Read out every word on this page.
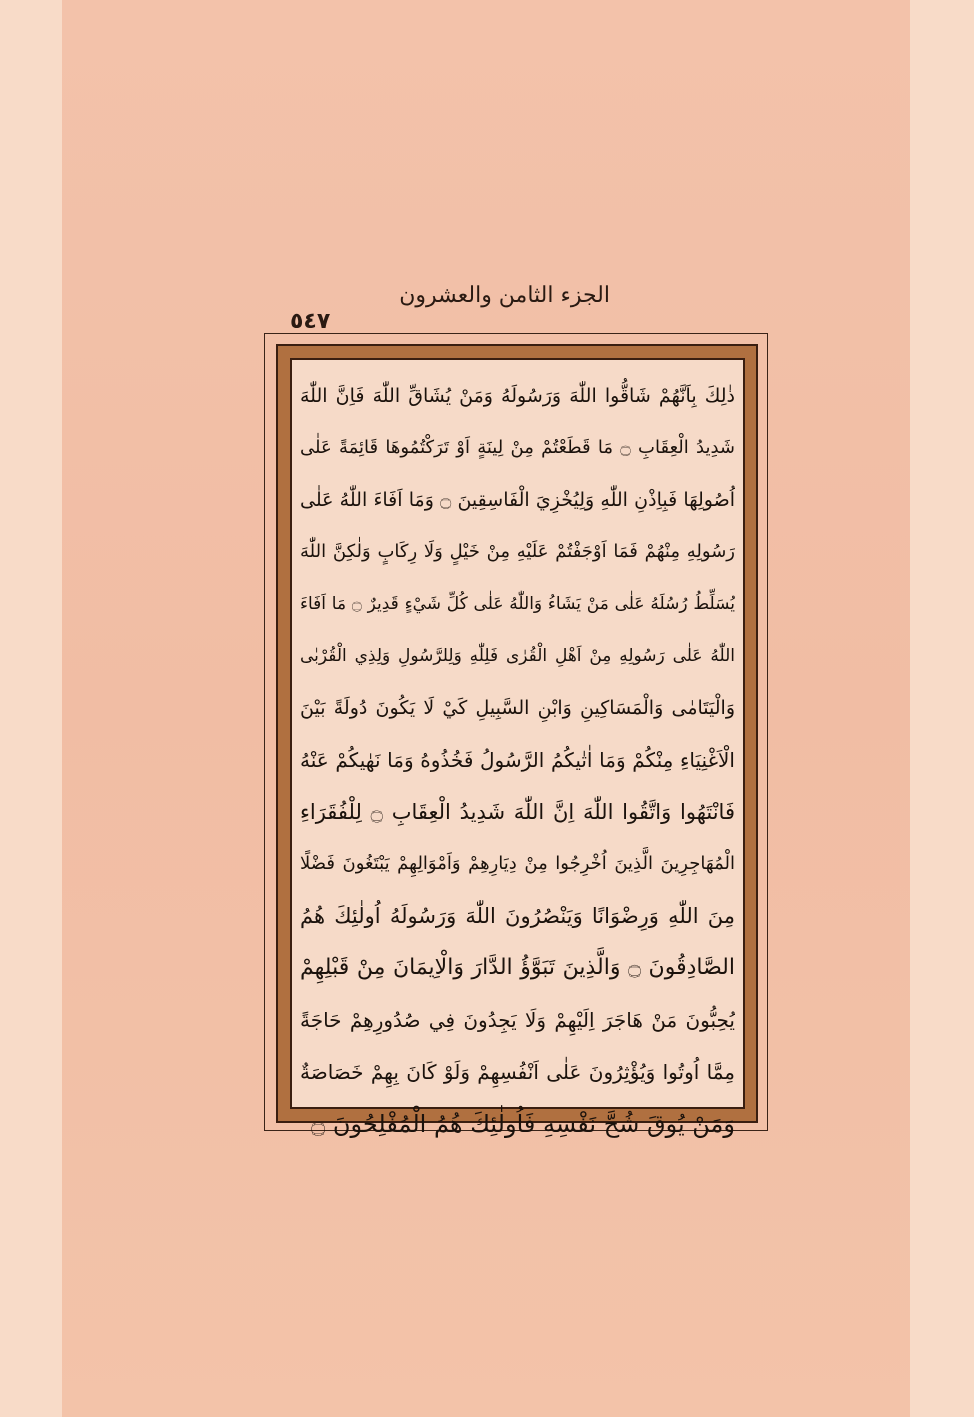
الجزء الثامن والعشرون
٥٤٧
ذٰلِكَ بِاَنَّهُمْ شَاقُّوا اللّٰهَ وَرَسُولَهُ وَمَنْ يُشَاقِّ اللّٰهَ فَاِنَّ اللّٰهَ
شَدِيدُ الْعِقَابِ ۝ مَا قَطَعْتُمْ مِنْ لِينَةٍ اَوْ تَرَكْتُمُوهَا قَائِمَةً عَلٰى
اُصُولِهَا فَبِاِذْنِ اللّٰهِ وَلِيُخْزِيَ الْفَاسِقِينَ ۝ وَمَا اَفَاءَ اللّٰهُ عَلٰى
رَسُولِهِ مِنْهُمْ فَمَا اَوْجَفْتُمْ عَلَيْهِ مِنْ خَيْلٍ وَلَا رِكَابٍ وَلٰكِنَّ اللّٰهَ
يُسَلِّطُ رُسُلَهُ عَلٰى مَنْ يَشَاءُ وَاللّٰهُ عَلٰى كُلِّ شَيْءٍ قَدِيرٌ ۝ مَا اَفَاءَ
اللّٰهُ عَلٰى رَسُولِهِ مِنْ اَهْلِ الْقُرٰى فَلِلّٰهِ وَلِلرَّسُولِ وَلِذِي الْقُرْبٰى
وَالْيَتَامٰى وَالْمَسَاكِينِ وَابْنِ السَّبِيلِ كَيْ لَا يَكُونَ دُولَةً بَيْنَ
الْاَغْنِيَاءِ مِنْكُمْ وَمَا اٰتٰيكُمُ الرَّسُولُ فَخُذُوهُ وَمَا نَهٰيكُمْ عَنْهُ
فَانْتَهُوا وَاتَّقُوا اللّٰهَ اِنَّ اللّٰهَ شَدِيدُ الْعِقَابِ ۝ لِلْفُقَرَاءِ
الْمُهَاجِرِينَ الَّذِينَ اُخْرِجُوا مِنْ دِيَارِهِمْ وَاَمْوَالِهِمْ يَبْتَغُونَ فَضْلًا
مِنَ اللّٰهِ وَرِضْوَانًا وَيَنْصُرُونَ اللّٰهَ وَرَسُولَهُ اُولٰئِكَ هُمُ
الصَّادِقُونَ ۝ وَالَّذِينَ تَبَوَّؤُ الدَّارَ وَالْاِيمَانَ مِنْ قَبْلِهِمْ
يُحِبُّونَ مَنْ هَاجَرَ اِلَيْهِمْ وَلَا يَجِدُونَ فِي صُدُورِهِمْ حَاجَةً
مِمَّا اُوتُوا وَيُؤْثِرُونَ عَلٰى اَنْفُسِهِمْ وَلَوْ كَانَ بِهِمْ خَصَاصَةٌ
وَمَنْ يُوقَ شُحَّ نَفْسِهِ فَاُولٰئِكَ هُمُ الْمُفْلِحُونَ ۝
